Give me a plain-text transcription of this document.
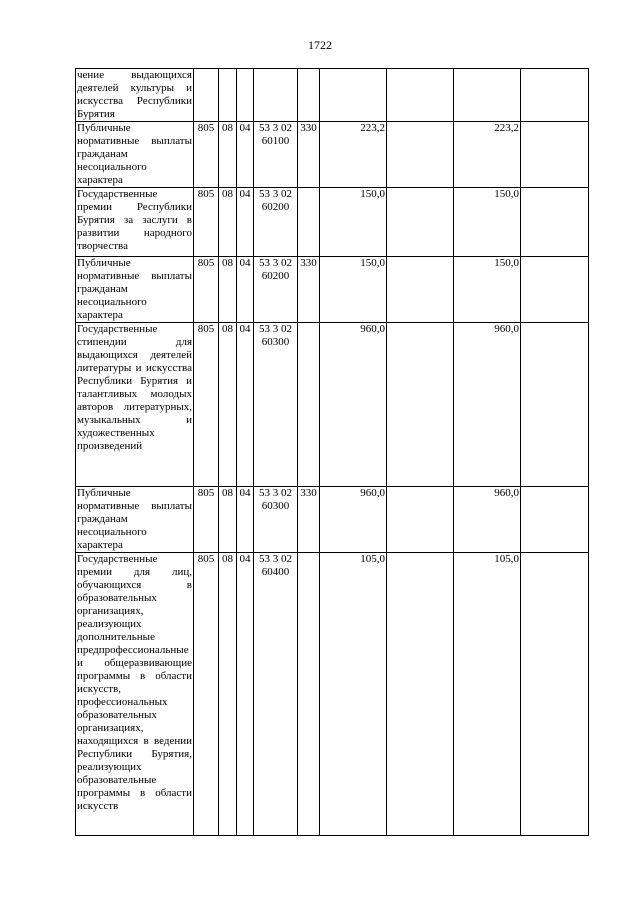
1722
чение выдающихся деятелей культуры и искусства Республики Бурятия									
Публичные нормативные выплаты гражданам несоциального характера	805	08	04	53 3 02 60100	330	223,2		223,2	
Государственные премии Республики Бурятия за заслуги в развитии народного творчества	805	08	04	53 3 02 60200		150,0		150,0	
Публичные нормативные выплаты гражданам несоциального характера	805	08	04	53 3 02 60200	330	150,0		150,0	
Государственные стипендии для выдающихся деятелей литературы и искусства Республики Бурятия и талантливых молодых авторов литературных, музыкальных и художественных произведений	805	08	04	53 3 02 60300		960,0		960,0	
Публичные нормативные выплаты гражданам несоциального характера	805	08	04	53 3 02 60300	330	960,0		960,0	
Государственные премии для лиц, обучающихся в образовательных организациях, реализующих дополнительные предпрофессиональные и общеразвивающие программы в области искусств, профессиональных образовательных организациях, находящихся в ведении Республики Бурятия, реализующих образовательные программы в области искусств	805	08	04	53 3 02 60400		105,0		105,0	
